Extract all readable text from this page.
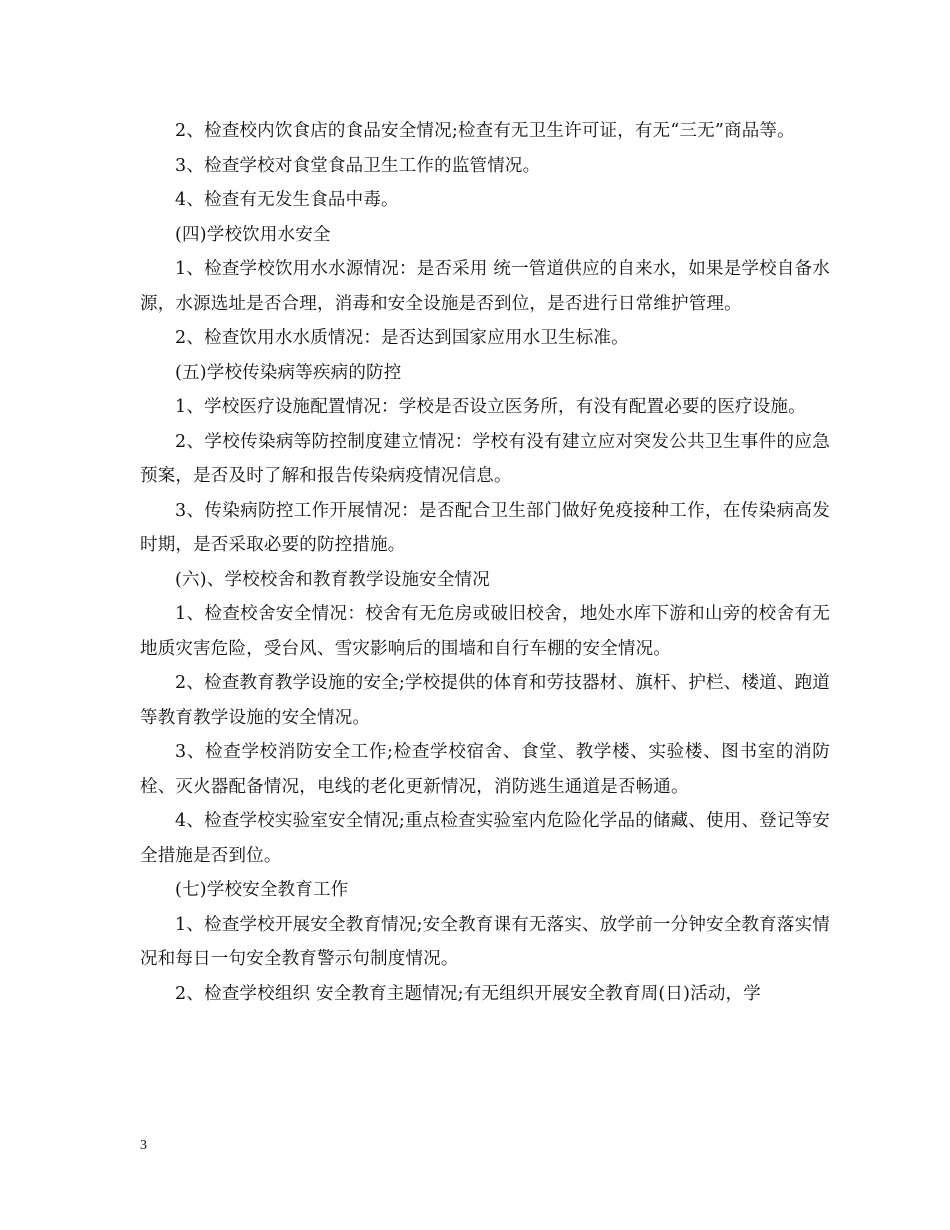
2、检查校内饮食店的食品安全情况;检查有无卫生许可证，有无“三无”商品等。

3、检查学校对食堂食品卫生工作的监管情况。

4、检查有无发生食品中毒。

(四)学校饮用水安全

1、检查学校饮用水水源情况：是否采用 统一管道供应的自来水，如果是学校自备水源，水源选址是否合理，消毒和安全设施是否到位，是否进行日常维护管理。

2、检查饮用水水质情况：是否达到国家应用水卫生标准。

(五)学校传染病等疾病的防控

1、学校医疗设施配置情况：学校是否设立医务所，有没有配置必要的医疗设施。

2、学校传染病等防控制度建立情况：学校有没有建立应对突发公共卫生事件的应急预案，是否及时了解和报告传染病疫情况信息。

3、传染病防控工作开展情况：是否配合卫生部门做好免疫接种工作，在传染病高发时期，是否采取必要的防控措施。

(六)、学校校舍和教育教学设施安全情况

1、检查校舍安全情况：校舍有无危房或破旧校舍，地处水库下游和山旁的校舍有无地质灾害危险，受台风、雪灾影响后的围墙和自行车棚的安全情况。

2、检查教育教学设施的安全;学校提供的体育和劳技器材、旗杆、护栏、楼道、跑道等教育教学设施的安全情况。

3、检查学校消防安全工作;检查学校宿舍、食堂、教学楼、实验楼、图书室的消防栓、灭火器配备情况，电线的老化更新情况，消防逃生通道是否畅通。

4、检查学校实验室安全情况;重点检查实验室内危险化学品的储藏、使用、登记等安全措施是否到位。

(七)学校安全教育工作

1、检查学校开展安全教育情况;安全教育课有无落实、放学前一分钟安全教育落实情况和每日一句安全教育警示句制度情况。

2、检查学校组织 安全教育主题情况;有无组织开展安全教育周(日)活动，学

3
